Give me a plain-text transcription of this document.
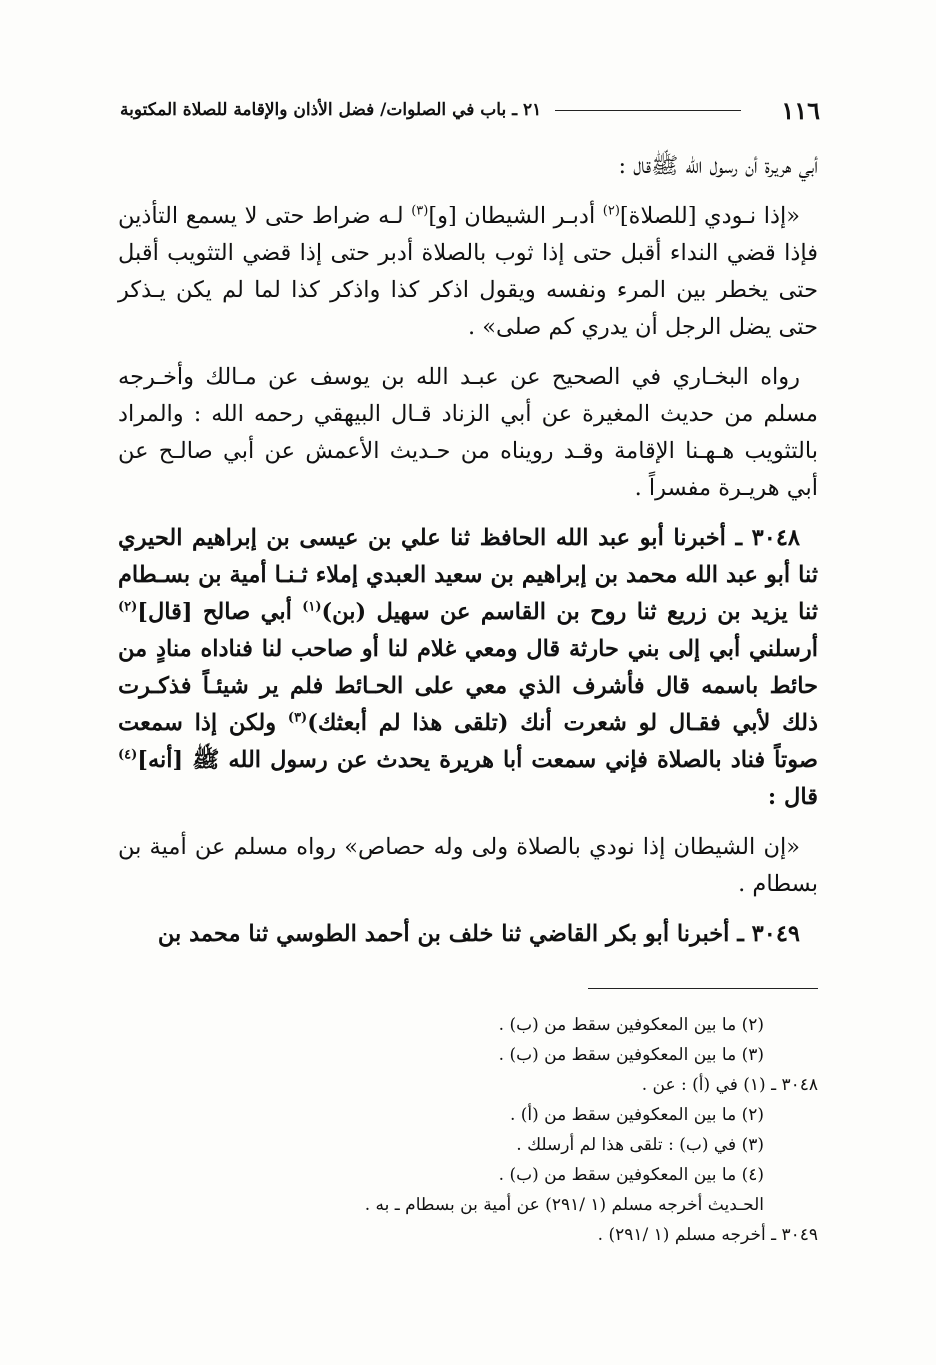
١١٦
٢١ ـ باب في الصلوات/ فضل الأذان والإقامة للصلاة المكتوبة

أبي هريرة أن رسول الله ﷺقال :

«إذا نـودي [للصلاة]$^{(٢)}$ أدبـر الشيطان [و]$^{(٣)}$ لـه ضراط حتى لا يسمع التأذين فإذا قضي النداء أقبل حتى إذا ثوب بالصلاة أدبر حتى إذا قضي التثويب أقبل حتى يخطر بين المرء ونفسه ويقول اذكر كذا واذكر كذا لما لم يكن يـذكر حتى يضل الرجل أن يدري كم صلى» .

رواه البخـاري في الصحيح عن عبـد الله بن يوسف عن مـالك وأخـرجه مسلم من حديث المغيرة عن أبي الزناد قـال البيهقي رحمه الله : والمراد بالتثويب هـهـنا الإقامة وقـد رويناه من حـديث الأعمش عن أبي صالـح عن أبي هريـرة مفسراً .

٣٠٤٨ ـ أخبرنا أبو عبد الله الحافظ ثنا علي بن عيسى بن إبراهيم الحيري ثنا أبو عبد الله محمد بن إبراهيم بن سعيد العبدي إملاء ثـنـا أمية بن بسـطام ثنا يزيد بن زريع ثنا روح بن القاسم عن سهيل (بن)$^{(١)}$ أبي صالح [قال]$^{(٢)}$ أرسلني أبي إلى بني حارثة قال ومعي غلام لنا أو صاحب لنا فناداه منادٍ من حائط باسمه قال فأشرف الذي معي على الحـائط فلم ير شيئـاً فذكـرت ذلك لأبي فقـال لو شعرت أنك (تلقى هذا لم أبعثك)$^{(٣)}$ ولكن إذا سمعت صوتاً فناد بالصلاة فإني سمعت أبا هريرة يحدث عن رسول الله ﷺ [أنه]$^{(٤)}$ قال :

«إن الشيطان إذا نودي بالصلاة ولى وله حصاص» رواه مسلم عن أمية بن بسطام .

٣٠٤٩ ـ أخبرنا أبو بكر القاضي ثنا خلف بن أحمد الطوسي ثنا محمد بن

(٢) ما بين المعكوفين سقط من (ب) .
(٣) ما بين المعكوفين سقط من (ب) .
٣٠٤٨ ـ (١) في (أ) : عن .
(٢) ما بين المعكوفين سقط من (أ) .
(٣) في (ب) : تلقى هذا لم أرسلك .
(٤) ما بين المعكوفين سقط من (ب) .
الحـديث أخرجه مسلم (١ /٢٩١) عن أمية بن بسطام ـ به .
٣٠٤٩ ـ أخرجه مسلم (١ /٢٩١) .
